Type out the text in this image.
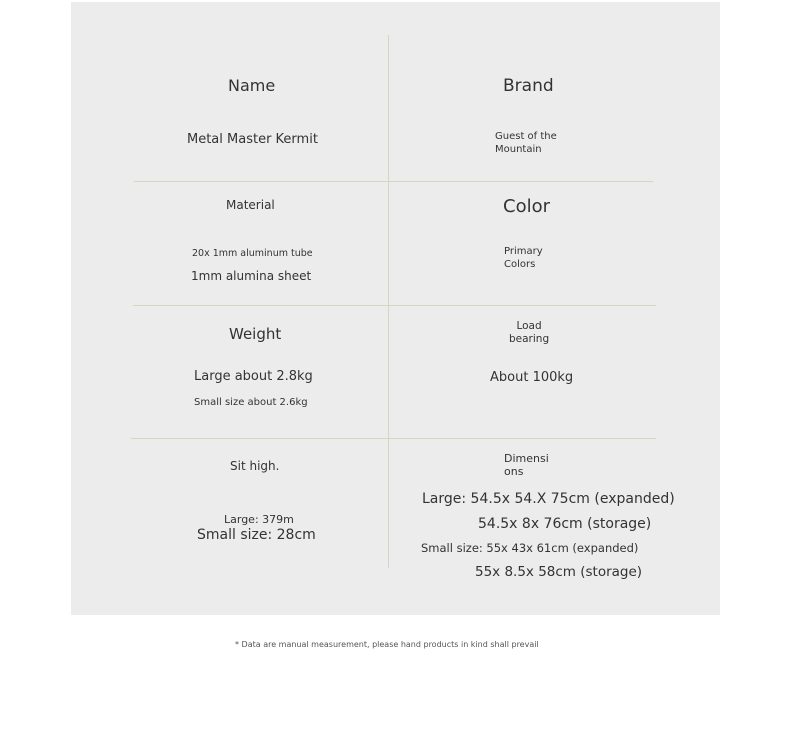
Name
Metal Master Kermit
Brand
Guest of the
Mountain
Material
20x 1mm aluminum tube
1mm alumina sheet
Color
Primary
Colors
Weight
Large about 2.8kg
Small size about 2.6kg
Load
bearing
About 100kg
Sit high.
Large: 379m
Small size: 28cm
Dimensi
ons
Large: 54.5x 54.X 75cm (expanded)
54.5x 8x 76cm (storage)
Small size: 55x 43x 61cm (expanded)
55x 8.5x 58cm (storage)
* Data are manual measurement, please hand products in kind shall prevail
